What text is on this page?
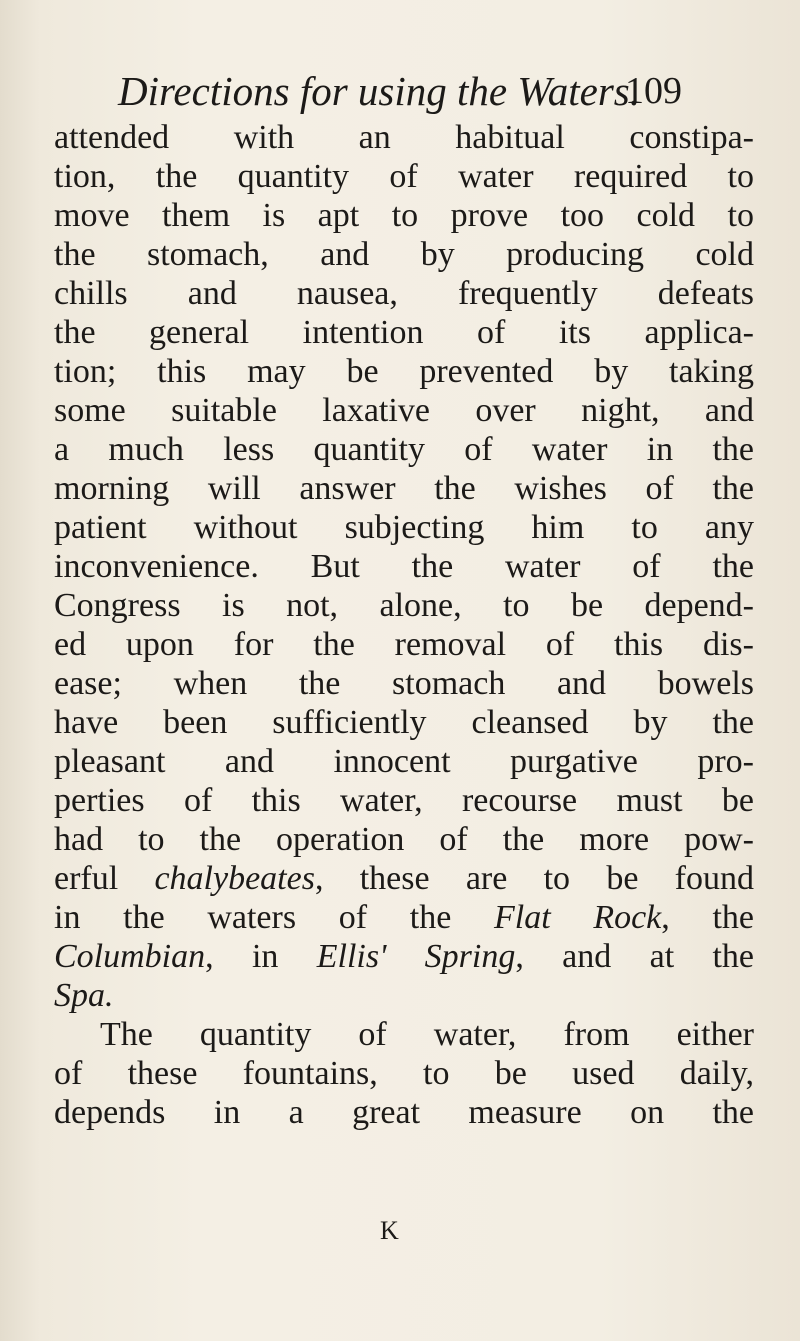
Directions for using the Waters.
109
attended with an habitual constipa-
tion, the quantity of water required to
move them is apt to prove too cold to
the stomach, and by producing cold
chills and nausea, frequently defeats
the general intention of its applica-
tion; this may be prevented by taking
some suitable laxative over night, and
a much less quantity of water in the
morning will answer the wishes of the
patient without subjecting him to any
inconvenience. But the water of the
Congress is not, alone, to be depend-
ed upon for the removal of this dis-
ease; when the stomach and bowels
have been sufficiently cleansed by the
pleasant and innocent purgative pro-
perties of this water, recourse must be
had to the operation of the more pow-
erful chalybeates, these are to be found
in the waters of the Flat Rock, the
Columbian, in Ellis' Spring, and at the
Spa.
The quantity of water, from either
of these fountains, to be used daily,
depends in a great measure on the
K
